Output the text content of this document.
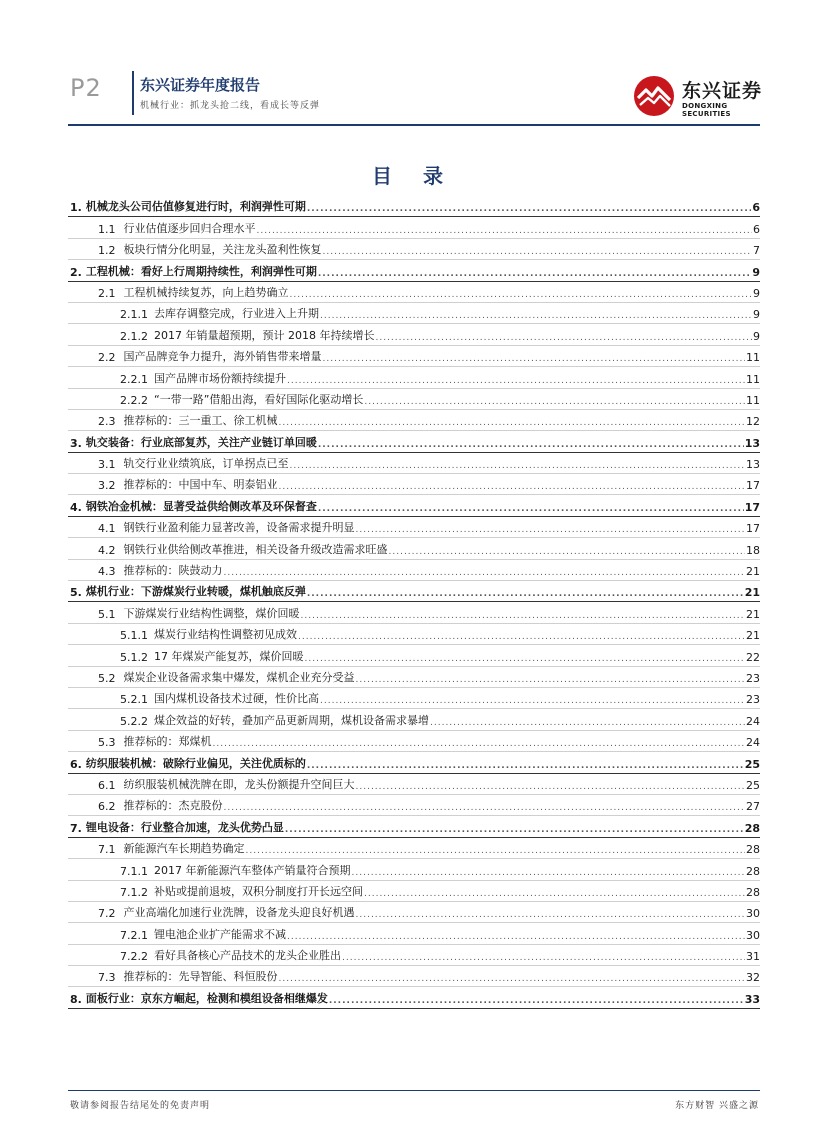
P2	东兴证券年度报告
机械行业：抓龙头抢二线，看成长等反弹
东兴证券
DONGXING SECURITIES
目 录
1. 机械龙头公司估值修复进行时，利润弹性可期 .....	6
1.1 行业估值逐步回归合理水平 .....	6
1.2 板块行情分化明显，关注龙头盈利性恢复 .....	7
2. 工程机械：看好上行周期持续性，利润弹性可期 .....	9
2.1 工程机械持续复苏，向上趋势确立 .....	9
2.1.1 去库存调整完成，行业进入上升期 .....	9
2.1.2 2017 年销量超预期，预计 2018 年持续增长 .....	9
2.2 国产品牌竞争力提升，海外销售带来增量 .....	11
2.2.1 国产品牌市场份额持续提升 .....	11
2.2.2 “一带一路”借船出海，看好国际化驱动增长 .....	11
2.3 推荐标的：三一重工、徐工机械 .....	12
3. 轨交装备：行业底部复苏，关注产业链订单回暖 .....	13
3.1 轨交行业业绩筑底，订单拐点已至 .....	13
3.2 推荐标的：中国中车、明泰铝业 .....	17
4. 钢铁冶金机械：显著受益供给侧改革及环保督查 .....	17
4.1 钢铁行业盈利能力显著改善，设备需求提升明显 .....	17
4.2 钢铁行业供给侧改革推进，相关设备升级改造需求旺盛 .....	18
4.3 推荐标的：陕鼓动力 .....	21
5. 煤机行业：下游煤炭行业转暖，煤机触底反弹 .....	21
5.1 下游煤炭行业结构性调整，煤价回暖 .....	21
5.1.1 煤炭行业结构性调整初见成效 .....	21
5.1.2 17 年煤炭产能复苏，煤价回暖 .....	22
5.2 煤炭企业设备需求集中爆发，煤机企业充分受益 .....	23
5.2.1 国内煤机设备技术过硬，性价比高 .....	23
5.2.2 煤企效益的好转，叠加产品更新周期，煤机设备需求暴增 .....	24
5.3 推荐标的：郑煤机 .....	24
6. 纺织服装机械：破除行业偏见，关注优质标的 .....	25
6.1 纺织服装机械洗牌在即，龙头份额提升空间巨大 .....	25
6.2 推荐标的：杰克股份 .....	27
7. 锂电设备：行业整合加速，龙头优势凸显 .....	28
7.1 新能源汽车长期趋势确定 .....	28
7.1.1 2017 年新能源汽车整体产销量符合预期 .....	28
7.1.2 补贴或提前退坡，双积分制度打开长远空间 .....	28
7.2 产业高端化加速行业洗牌，设备龙头迎良好机遇 .....	30
7.2.1 锂电池企业扩产能需求不减 .....	30
7.2.2 看好具备核心产品技术的龙头企业胜出 .....	31
7.3 推荐标的：先导智能、科恒股份 .....	32
8. 面板行业：京东方崛起，检测和模组设备相继爆发 .....	33
敬请参阅报告结尾处的免责声明	东方财智 兴盛之源
